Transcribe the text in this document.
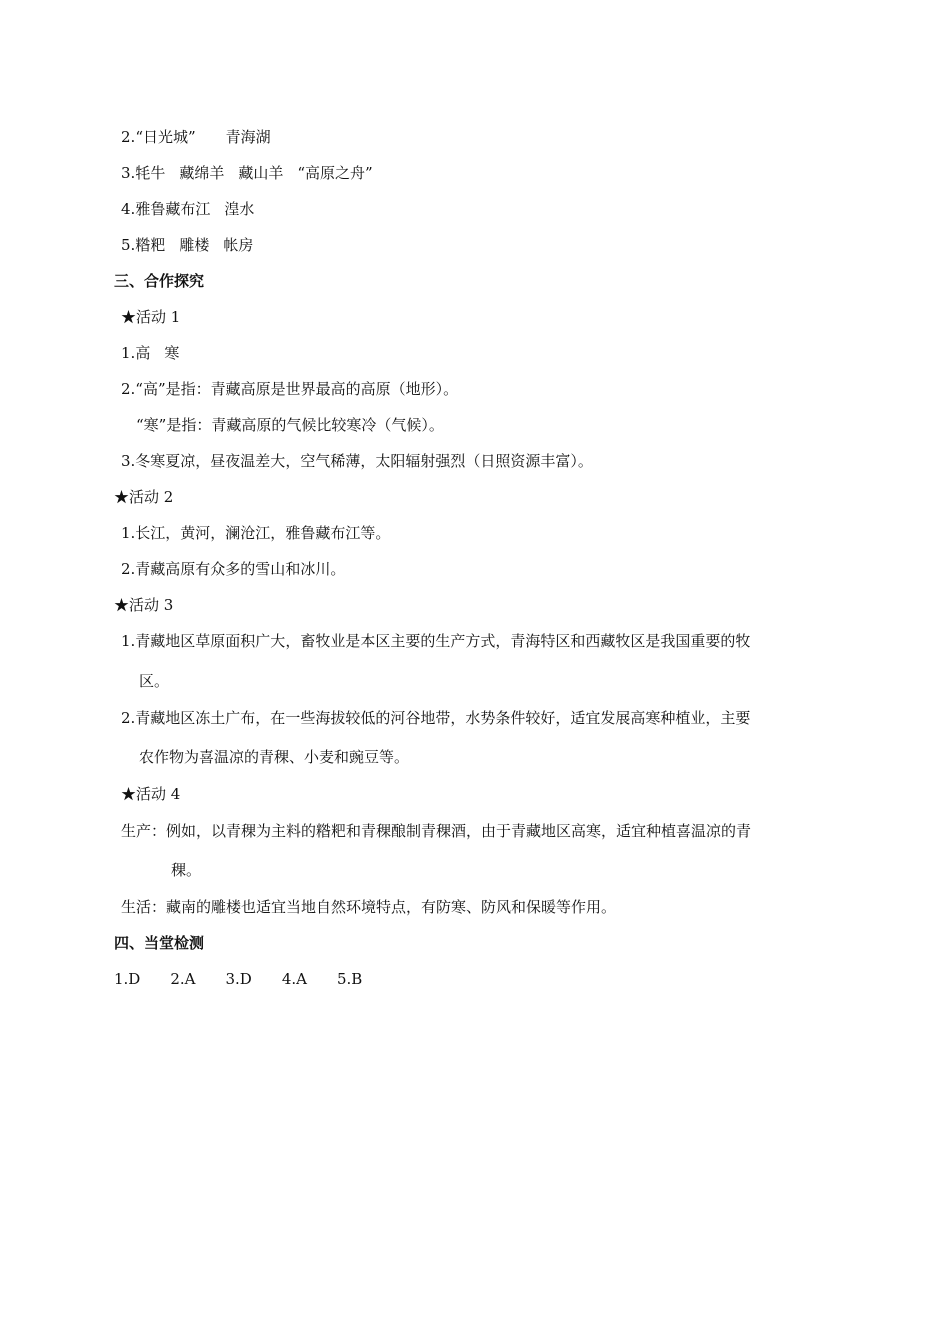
2.“日光城” 青海湖
3.牦牛 藏绵羊 藏山羊 “高原之舟”
4.雅鲁藏布江 湟水
5.糌粑 雕楼 帐房
三、合作探究
★活动 1
1.高 寒
2.“高”是指：青藏高原是世界最高的高原（地形）。
“寒”是指：青藏高原的气候比较寒冷（气候）。
3.冬寒夏凉，昼夜温差大，空气稀薄，太阳辐射强烈（日照资源丰富）。
★活动 2
1.长江，黄河，澜沧江，雅鲁藏布江等。
2.青藏高原有众多的雪山和冰川。
★活动 3
1.青藏地区草原面积广大，畜牧业是本区主要的生产方式，青海特区和西藏牧区是我国重要的牧
区。
2.青藏地区冻土广布，在一些海拔较低的河谷地带，水势条件较好，适宜发展高寒种植业，主要
农作物为喜温凉的青稞、小麦和豌豆等。
★活动 4
生产：例如，以青稞为主料的糌粑和青稞酿制青稞酒，由于青藏地区高寒，适宜种植喜温凉的青
稞。
生活：藏南的雕楼也适宜当地自然环境特点，有防寒、防风和保暖等作用。
四、当堂检测
1.D 2.A 3.D 4.A 5.B
